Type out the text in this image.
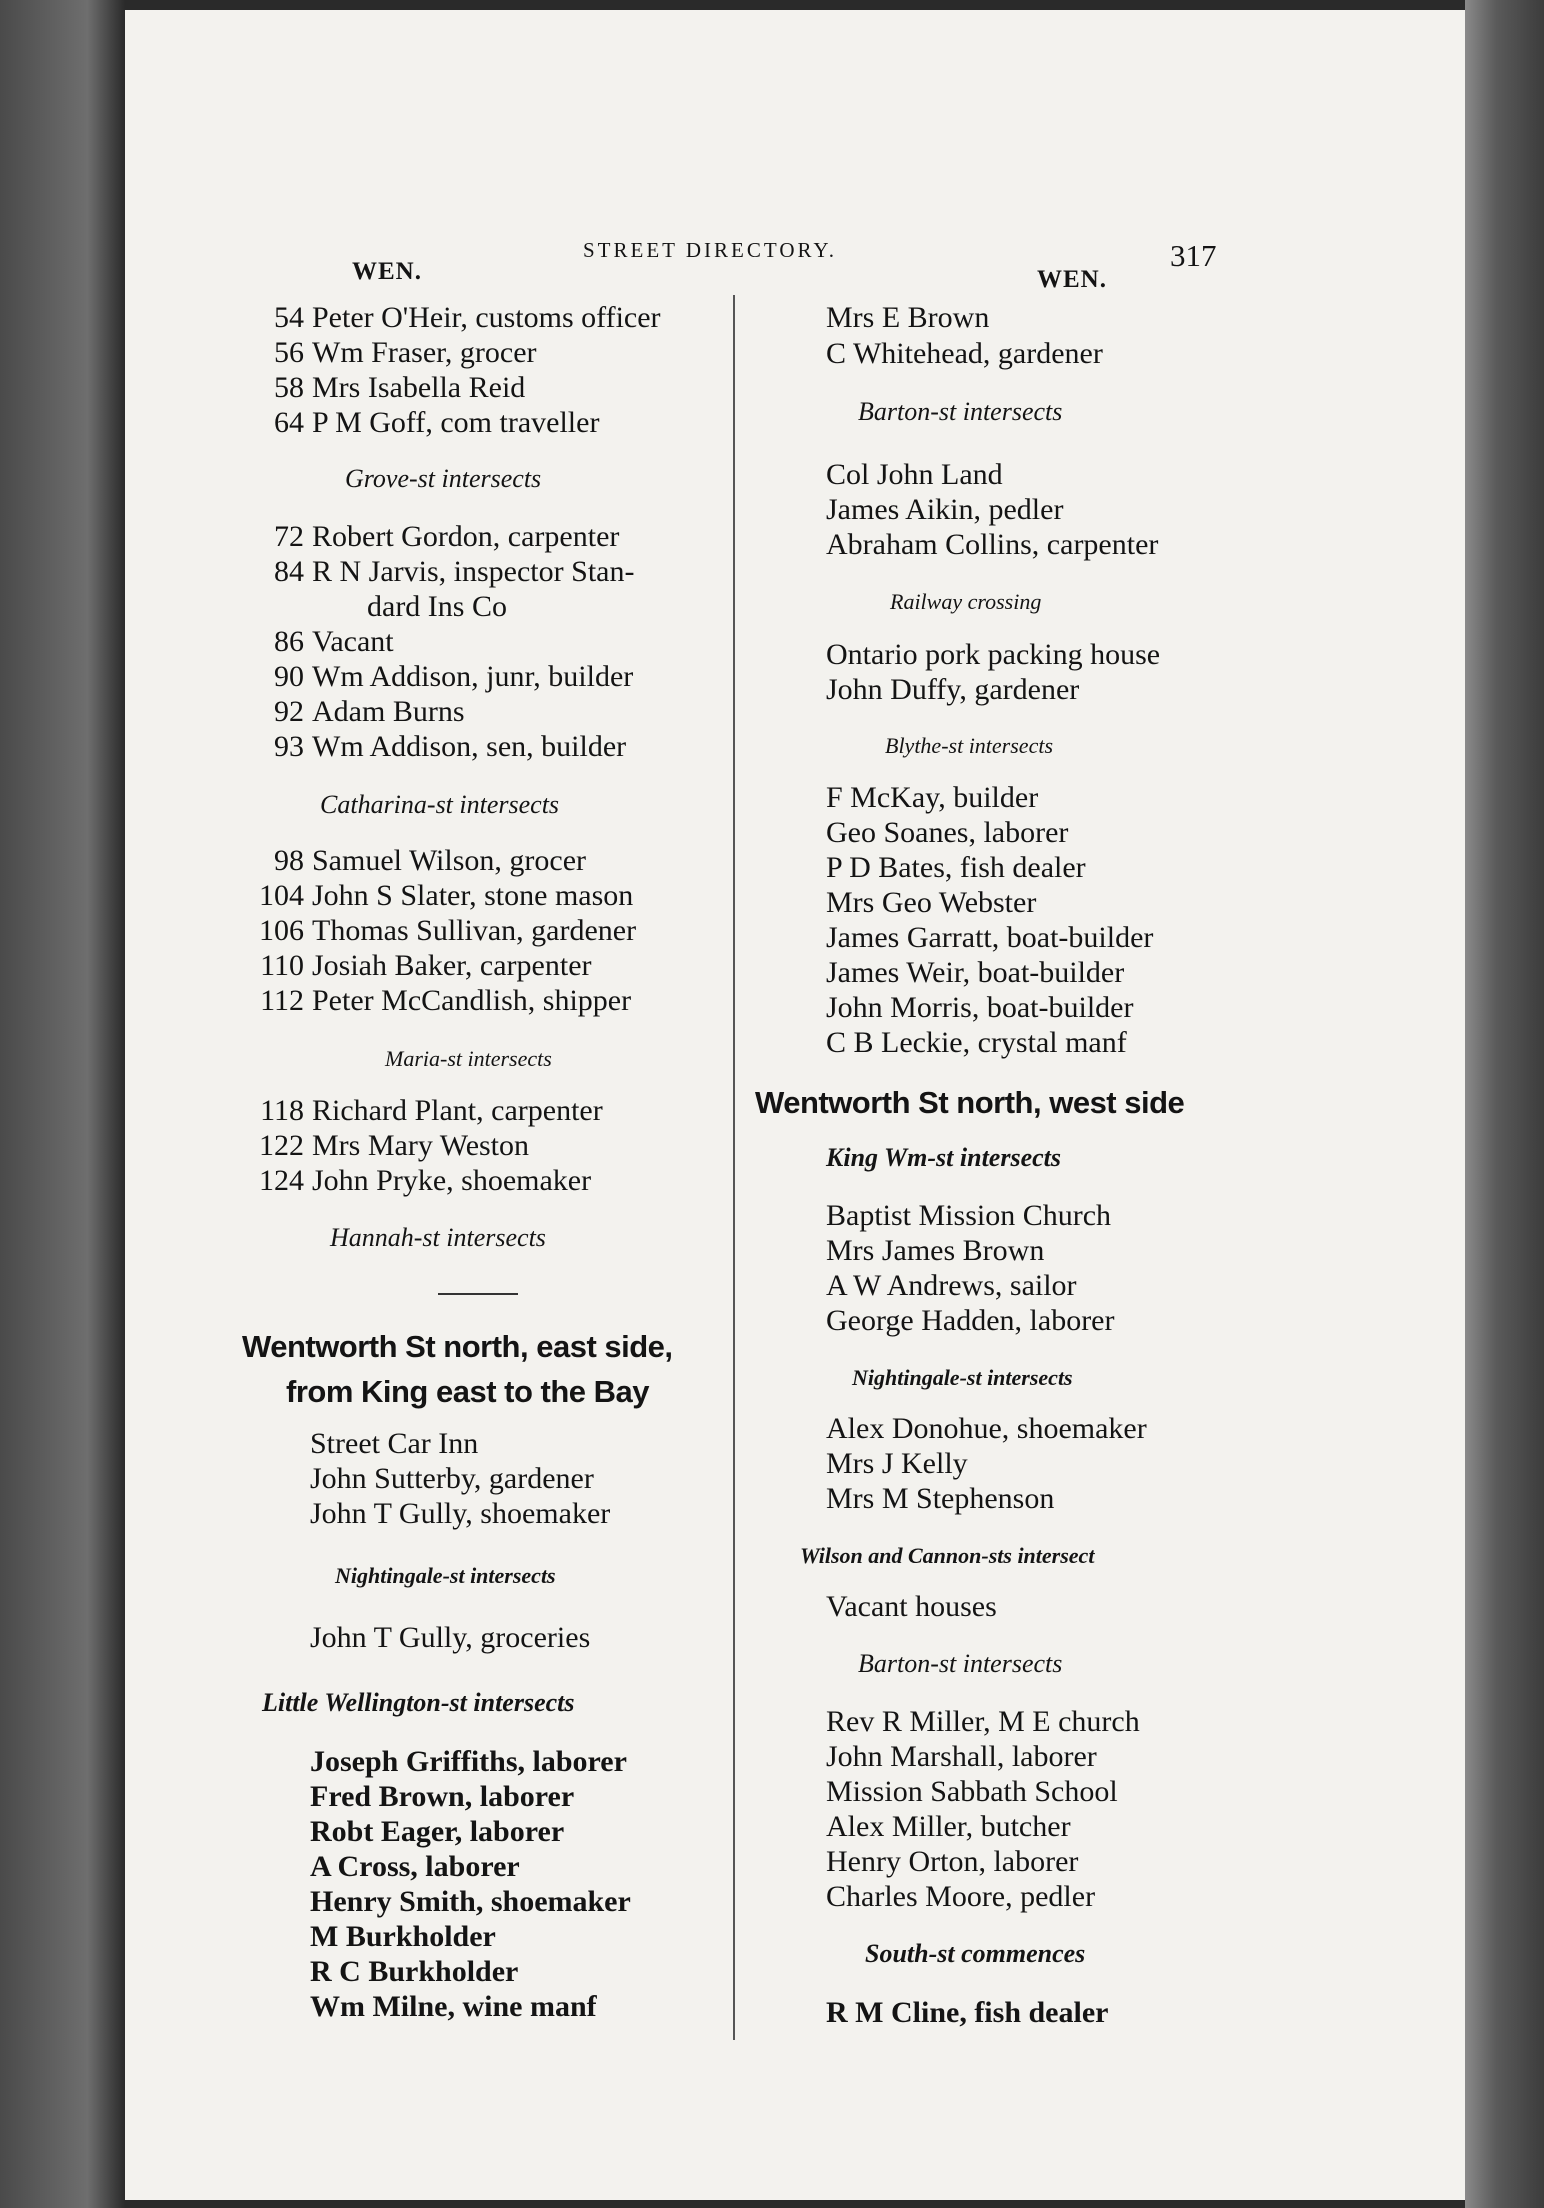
STREET DIRECTORY.
WEN.	WEN.
317
54 Peter O'Heir, customs officer
56 Wm Fraser, grocer
58 Mrs Isabella Reid
64 P M Goff, com traveller
Grove-st intersects
72 Robert Gordon, carpenter
84 R N Jarvis, inspector Stan-
dard Ins Co
86 Vacant
90 Wm Addison, junr, builder
92 Adam Burns
93 Wm Addison, sen, builder
Catharina-st intersects
98 Samuel Wilson, grocer
104 John S Slater, stone mason
106 Thomas Sullivan, gardener
110 Josiah Baker, carpenter
112 Peter McCandlish, shipper
Maria-st intersects
118 Richard Plant, carpenter
122 Mrs Mary Weston
124 John Pryke, shoemaker
Hannah-st intersects
Wentworth St north, east side,
from King east to the Bay
Street Car Inn
John Sutterby, gardener
John T Gully, shoemaker
Nightingale-st intersects
John T Gully, groceries
Little Wellington-st intersects
Joseph Griffiths, laborer
Fred Brown, laborer
Robt Eager, laborer
A Cross, laborer
Henry Smith, shoemaker
M Burkholder
R C Burkholder
Wm Milne, wine manf
Mrs E Brown
C Whitehead, gardener
Barton-st intersects
Col John Land
James Aikin, pedler
Abraham Collins, carpenter
Railway crossing
Ontario pork packing house
John Duffy, gardener
Blythe-st intersects
F McKay, builder
Geo Soanes, laborer
P D Bates, fish dealer
Mrs Geo Webster
James Garratt, boat-builder
James Weir, boat-builder
John Morris, boat-builder
C B Leckie, crystal manf
Wentworth St north, west side
King Wm-st intersects
Baptist Mission Church
Mrs James Brown
A W Andrews, sailor
George Hadden, laborer
Nightingale-st intersects
Alex Donohue, shoemaker
Mrs J Kelly
Mrs M Stephenson
Wilson and Cannon-sts intersect
Vacant houses
Barton-st intersects
Rev R Miller, M E church
John Marshall, laborer
Mission Sabbath School
Alex Miller, butcher
Henry Orton, laborer
Charles Moore, pedler
South-st commences
R M Cline, fish dealer
